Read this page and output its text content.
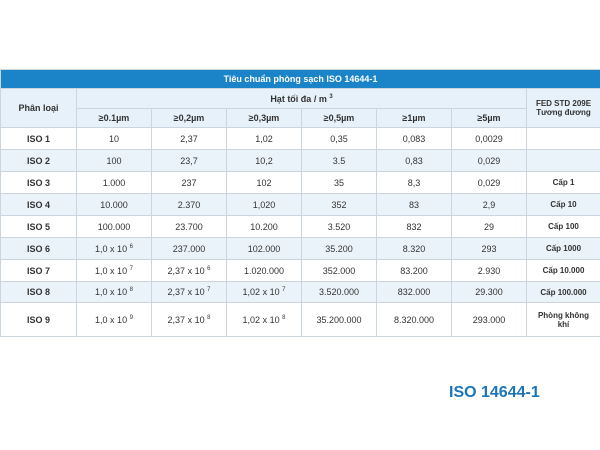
Tiêu chuẩn phòng sạch ISO 14644-1							
Phân loại	Hạt tối đa / m $^3$						FED STD 209E Tương đương
	≥0.1µm	≥0,2µm	≥0,3µm	≥0,5µm	≥1µm	≥5µm	
ISO 1	10	2,37	1,02	0,35	0,083	0,0029	
ISO 2	100	23,7	10,2	3.5	0,83	0,029	
ISO 3	1.000	237	102	35	8,3	0,029	Cấp 1
ISO 4	10.000	2.370	1,020	352	83	2,9	Cấp 10
ISO 5	100.000	23.700	10.200	3.520	832	29	Cấp 100
ISO 6	1,0 x 10 $^6$	237.000	102.000	35.200	8.320	293	Cấp 1000
ISO 7	1,0 x 10 $^7$	2,37 x 10 $^6$	1.020.000	352.000	83.200	2.930	Cấp 10.000
ISO 8	1,0 x 10 $^8$	2,37 x 10 $^7$	1,02 x 10 $^7$	3.520.000	832.000	29.300	Cấp 100.000
ISO 9	1,0 x 10 $^9$	2,37 x 10 $^8$	1,02 x 10 $^8$	35.200.000	8.320.000	293.000	Phòng không khí
ISO 14644-1
